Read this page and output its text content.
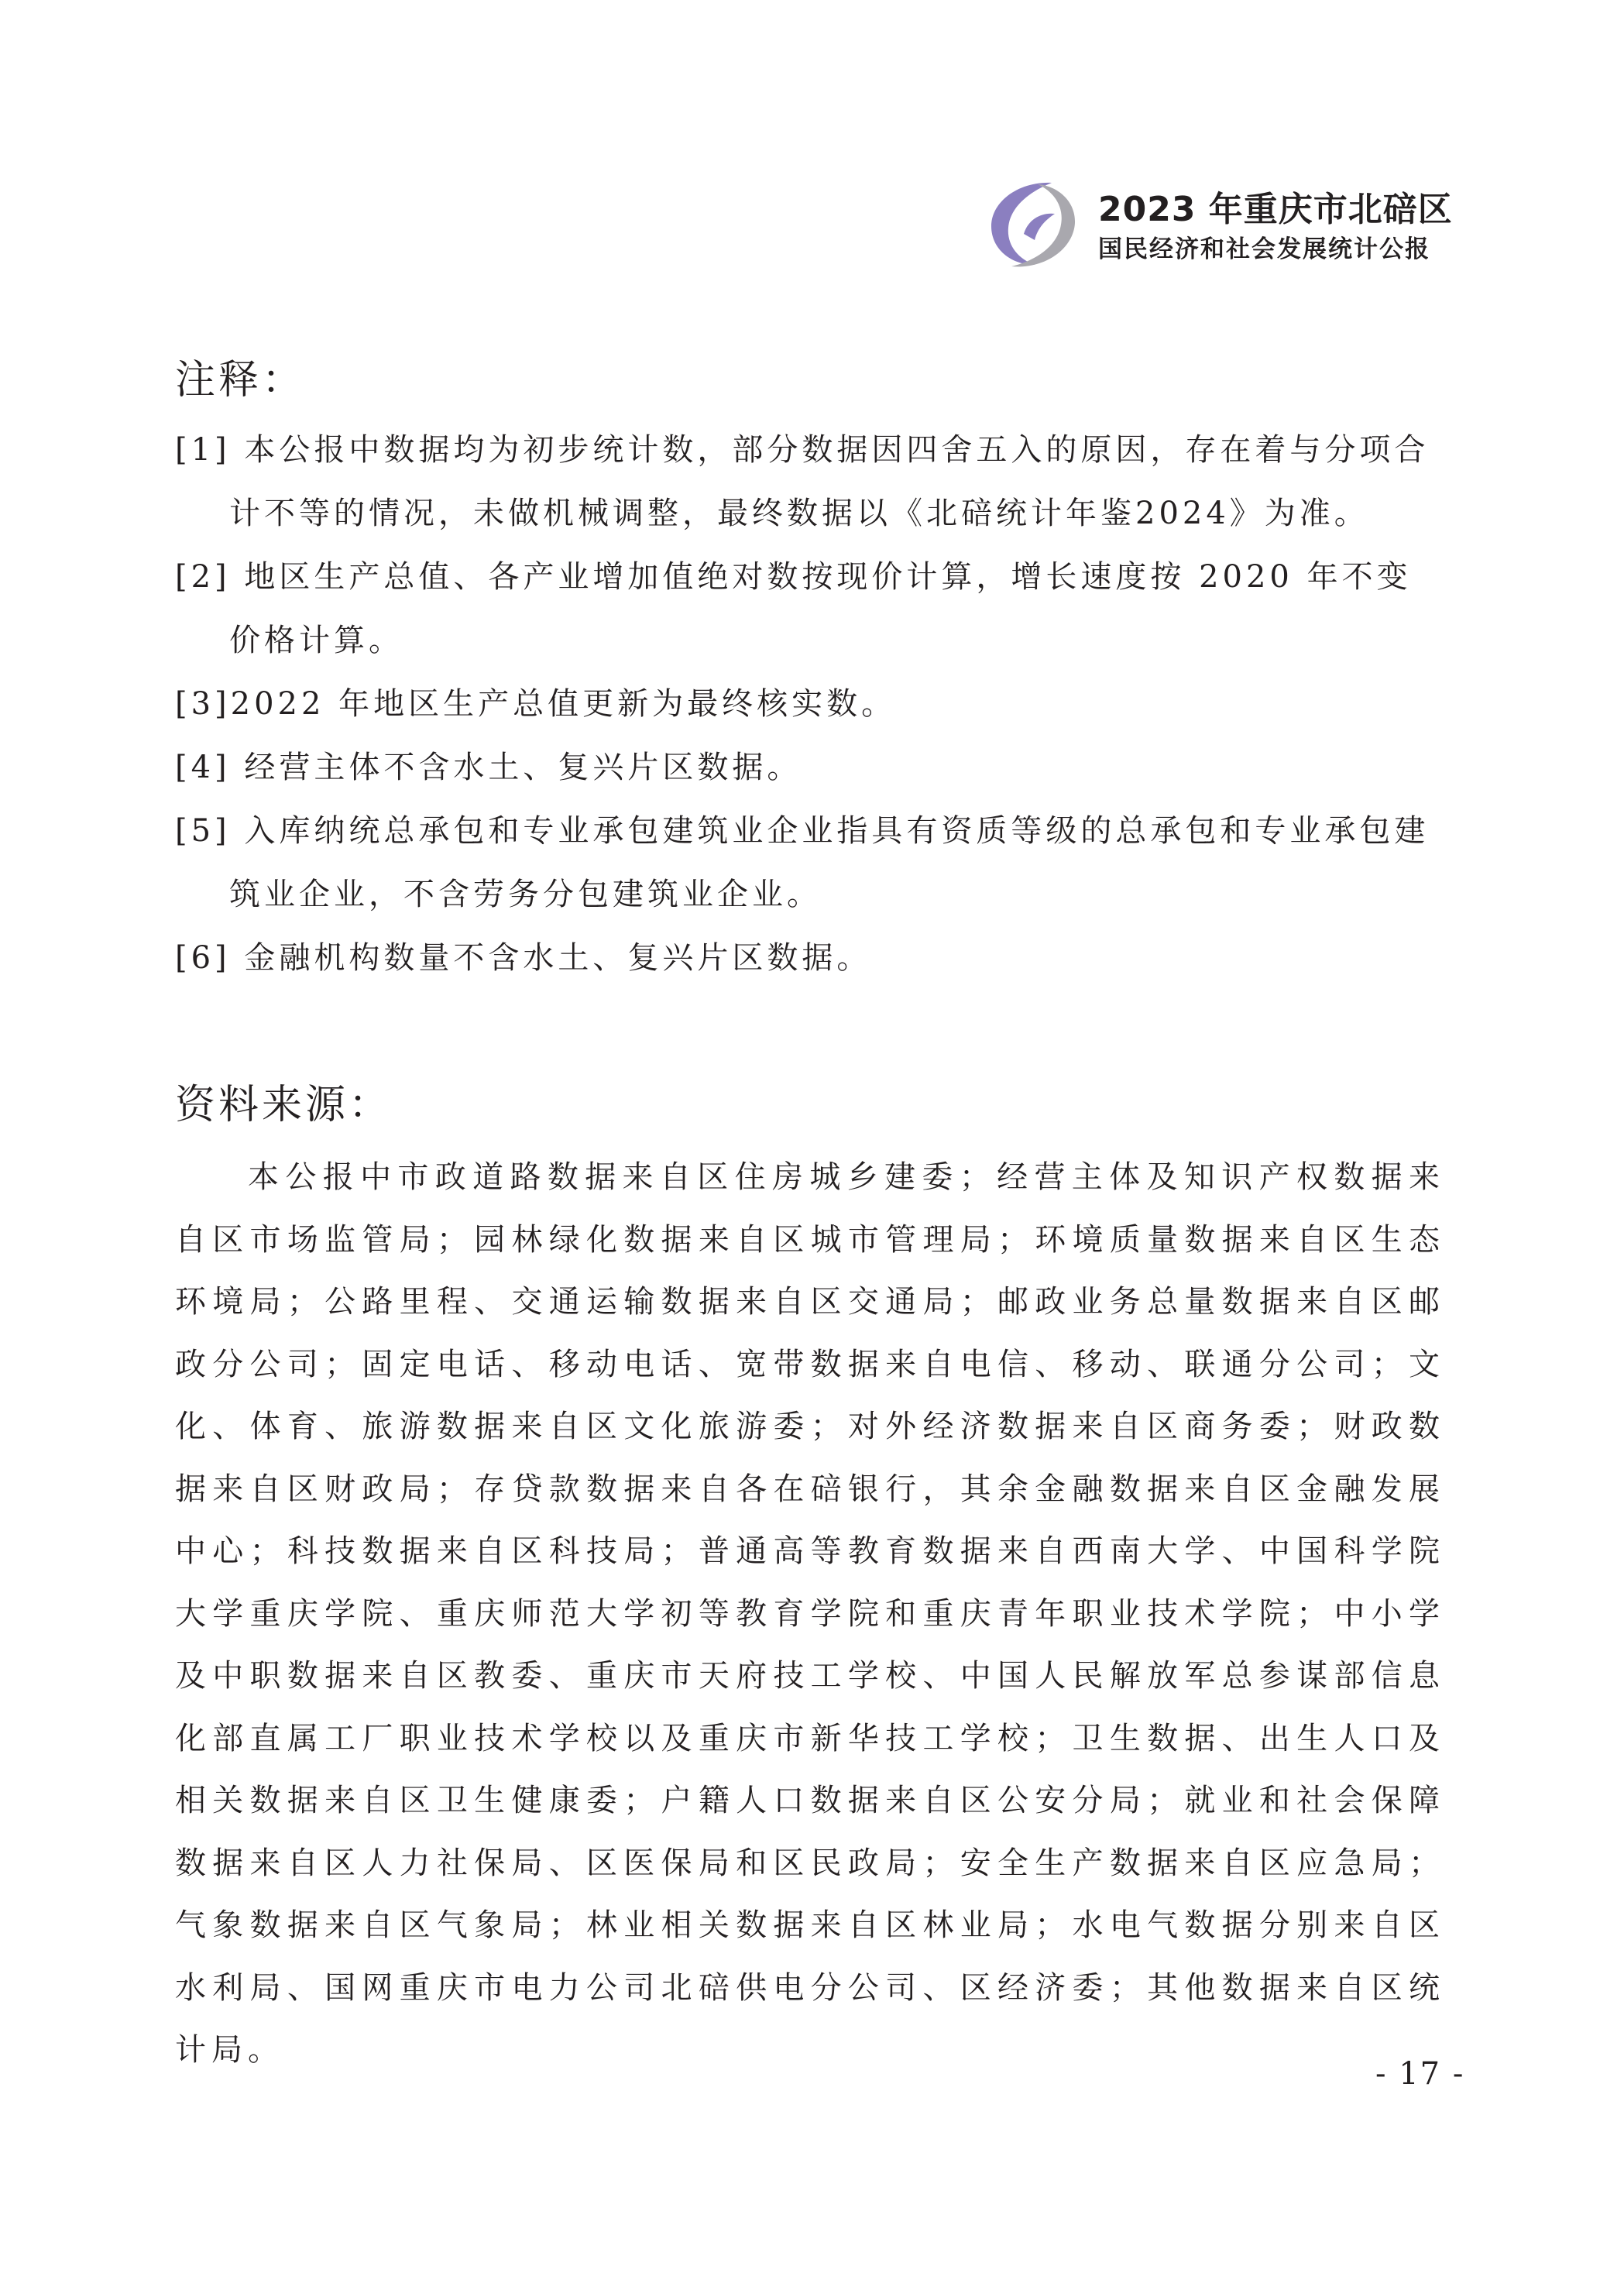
2023 年重庆市北碚区
国民经济和社会发展统计公报
注释：
[1] 本公报中数据均为初步统计数，部分数据因四舍五入的原因，存在着与分项合计不等的情况，未做机械调整，最终数据以《北碚统计年鉴2024》为准。
[2] 地区生产总值、各产业增加值绝对数按现价计算，增长速度按 2020 年不变价格计算。
[3]2022 年地区生产总值更新为最终核实数。
[4] 经营主体不含水土、复兴片区数据。
[5] 入库纳统总承包和专业承包建筑业企业指具有资质等级的总承包和专业承包建筑业企业，不含劳务分包建筑业企业。
[6] 金融机构数量不含水土、复兴片区数据。
资料来源：
本公报中市政道路数据来自区住房城乡建委；经营主体及知识产权数据来自区市场监管局；园林绿化数据来自区城市管理局；环境质量数据来自区生态环境局；公路里程、交通运输数据来自区交通局；邮政业务总量数据来自区邮政分公司；固定电话、移动电话、宽带数据来自电信、移动、联通分公司；文化、体育、旅游数据来自区文化旅游委；对外经济数据来自区商务委；财政数据来自区财政局；存贷款数据来自各在碚银行，其余金融数据来自区金融发展中心；科技数据来自区科技局；普通高等教育数据来自西南大学、中国科学院大学重庆学院、重庆师范大学初等教育学院和重庆青年职业技术学院；中小学及中职数据来自区教委、重庆市天府技工学校、中国人民解放军总参谋部信息化部直属工厂职业技术学校以及重庆市新华技工学校；卫生数据、出生人口及相关数据来自区卫生健康委；户籍人口数据来自区公安分局；就业和社会保障数据来自区人力社保局、区医保局和区民政局；安全生产数据来自区应急局；气象数据来自区气象局；林业相关数据来自区林业局；水电气数据分别来自区水利局、国网重庆市电力公司北碚供电分公司、区经济委；其他数据来自区统计局。
- 17 -
